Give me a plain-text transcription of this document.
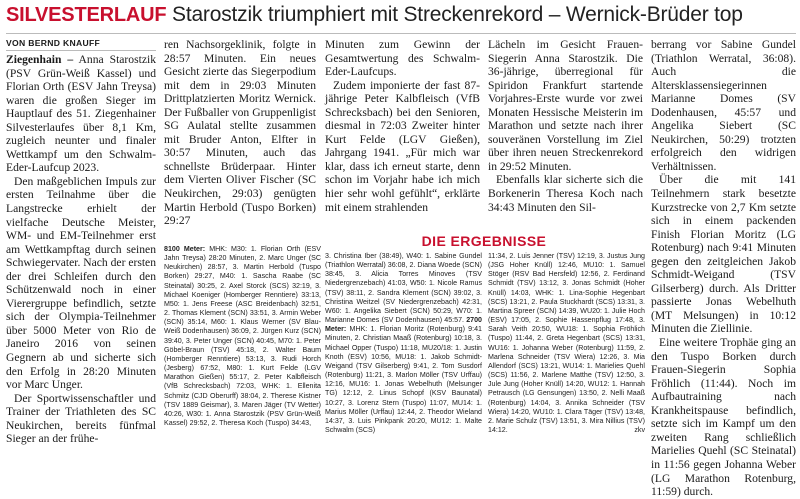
SILVESTERLAUF Starostzik triumphiert mit Streckenrekord – Wernick-Brüder top
VON BERND KNAUFF

Ziegenhain – Anna Starostzik (PSV Grün-Weiß Kassel) und Florian Orth (ESV Jahn Treysa) waren die großen Sieger im Hauptlauf des 51. Ziegenhainer Silvesterlaufes über 8,1 Km, zugleich neunter und finaler Wettkampf um den Schwalm-Eder-Laufcup 2023.

Den maßgeblichen Impuls zur ersten Teilnahme über die Langstrecke erhielt der vielfache Deutsche Meister, WM- und EM-Teilnehmer erst am Wettkampftag durch seinen Schwiegervater. Nach der ersten der drei Schleifen durch den Schützenwald noch in einer Vierergruppe befindlich, setzte sich der Olympia-Teilnehmer über 5000 Meter von Rio de Janeiro 2016 von seinen Gegnern ab und sicherte sich den Erfolg in 28:20 Minuten vor Marc Unger.

Der Sportwissenschaftler und Trainer der Triathleten des SC Neukirchen, bereits fünfmal Sieger an der frühe-

ren Nachsorgeklinik, folgte in 28:57 Minuten. Ein neues Gesicht zierte das Siegerpodium mit dem in 29:03 Minuten Drittplatzierten Moritz Wernick. Der Fußballer von Gruppenligist SG Aulatal stellte zusammen mit Bruder Anton, Elfter in 30:57 Minuten, auch das schnellste Brüderpaar. Hinter dem Vierten Oliver Fischer (SC Neukirchen, 29:03) genügten Martin Herbold (Tuspo Borken) 29:27

Minuten zum Gewinn der Gesamtwertung des Schwalm-Eder-Laufcups.

Zudem imponierte der fast 87-jährige Peter Kalbfleisch (VfB Schrecksbach) bei den Senioren, diesmal in 72:03 Zweiter hinter Kurt Felde (LGV Gießen), Jahrgang 1941. „Für mich war klar, dass ich erneut starte, denn schon im Vorjahr habe ich mich hier sehr wohl gefühlt“, erklärte mit einem strahlenden

Lächeln im Gesicht Frauen-Siegerin Anna Starostzik. Die 36-jährige, überregional für Spiridon Frankfurt startende Vorjahres-Erste wurde vor zwei Monaten Hessische Meisterin im Marathon und setzte nach ihrer souveränen Vorstellung im Ziel über ihren neuen Streckenrekord in 29:52 Minuten.

Ebenfalls klar sicherte sich die Borkenerin Theresa Koch nach 34:43 Minuten den Sil-

berrang vor Sabine Gundel (Triathlon Werratal, 36:08). Auch die Altersklassensiegerinnen Marianne Domes (SV Dodenhausen, 45:57 und Angelika Siebert (SC Neukirchen, 50:29) trotzten erfolgreich den widrigen Verhältnissen.

Über die mit 141 Teilnehmern stark besetzte Kurzstrecke von 2,7 Km setzte sich in einem packenden Finish Florian Moritz (LG Rotenburg) nach 9:41 Minuten gegen den zeitgleichen Jakob Schmidt-Weigand (TSV Gilserberg) durch. Als Dritter passierte Jonas Webelhuth (MT Melsungen) in 10:12 Minuten die Ziellinie.

Eine weitere Trophäe ging an den Tuspo Borken durch Frauen-Siegerin Sophia Fröhlich (11:44). Noch im Aufbautraining nach Krankheitspause befindlich, setzte sich im Kampf um den zweiten Rang schließlich Marielies Quehl (SC Steinatal) in 11:56 gegen Johanna Weber (LG Marathon Rotenburg, 11:59) durch.

DIE ERGEBNISSE
8100 Meter: MHK: M30: 1. Florian Orth (ESV Jahn Treysa) 28:20 Minuten, 2. Marc Unger (SC Neukirchen) 28:57, 3. Martin Herbold (Tuspo Borken) 29:27, M40: 1. Sascha Raabe (SC Steinatal) 30:25, 2. Axel Storck (SCS) 32:19, 3. Michael Koeniger (Homberger Renntiere) 33:13, M50: 1. Jens Freese (ASC Breidenbach) 32:51, 2. Thomas Klement (SCN) 33:51, 3. Armin Weber (SCN) 35:14, M60: 1. Klaus Werner (SV Blau-Weiß Dodenhausen) 36:09, 2. Jürgen Kurz (SCN) 39:40, 3. Peter Unger (SCN) 40:45, M70: 1. Peter Göbel-Braun (TSV) 45:18, 2. Walter Baum (Homberger Renntiere) 53:13, 3. Rudi Horch (Jesberg) 67:52, M80: 1. Kurt Felde (LGV Marathon Gießen) 55:17, 2. Peter Kalbfleisch (VfB Schrecksbach) 72:03, WHK: 1. Ellenita Schmitz (CJD Oberurff) 38:04, 2. Therese Kistner (TSV 1889 Geismar), 3. Maren Jäger (TV Wetter) 40:26, W30: 1. Anna Starostzik (PSV Grün-Weiß Kassel) 29:52, 2. Theresa Koch (Tuspo) 34:43,
3. Christina Iber (38:49), W40: 1. Sabine Gundel (Triathlon Werratal) 36:08, 2. Diana Woede (SCN) 38:45, 3. Alicia Torres Minoves (TSV Niedergrenzebach) 41:03, W50: 1. Nicole Ramus (TSV) 38:11, 2. Sandra Klement (SCN) 39:02, 3. Christina Weitzel (SV Niedergrenzebach) 42:31, W60: 1. Angelika Siebert (SCN) 50:29, W70: 1. Marianne Domes (SV Dodenhausen) 45:57. 2700 Meter: MHK: 1. Florian Moritz (Rotenburg) 9:41 Minuten, 2. Christian Maaß (Rotenburg) 10:18, 3. Michael Opper (Tuspo) 11:18, MU20/18: 1. Justin Knoth (ESV) 10:56, MU18: 1. Jakob Schmidt-Weigand (TSV Gilserberg) 9:41, 2. Tom Susdorf (Rotenburg) 11:21, 3. Marlon Möller (TSV Urffau) 12:16, MU16: 1. Jonas Webelhuth (Melsunger TG) 12:12, 2. Linus Schopf (KSV Baunatal) 10:27, 3. Lorenz Stern (Tuspo) 11:07, MU14: 1. Marius Möller (Urffau) 12:44, 2. Theodor Wieland 14:37, 3. Luis Pinkpank 20:20, MU12: 1. Malte Schwalm (SCS)
11:34, 2. Luis Jenner (TSV) 12:19, 3. Justus Jung (JSG Hoher Knüll) 12:46, MU10: 1. Samuel Stöger (RSV Bad Hersfeld) 12:56, 2. Ferdinand Schmidt (TSV) 13:12, 3. Jonas Schmidt (Hoher Knüll) 14:03, WHK: 1. Lina-Sophie Hegenbart (SCS) 13:21, 2. Paula Stuckhardt (SCS) 13:31, 3. Martina Spreer (SCN) 14:39, WU20: 1. Julie Hoch (ESV) 17:05, 2. Sophie Hassenpflug 17:48, 3. Sarah Veith 20:50, WU18: 1. Sophia Fröhlich (Tuspo) 11:44, 2. Greta Hegenbart (SCS) 13:31, WU16: 1. Johanna Weber (Rotenburg) 11:59, 2. Marlena Schneider (TSV Wiera) 12:26, 3. Mia Allendorf (SCS) 13:21, WU14: 1. Marielies Quehl (SCS) 11:56, 2. Marlene Matthe (TSV) 12:50, 3. Jule Jung (Hoher Knüll) 14:20, WU12: 1. Hannah Petrausch (LG Gensungen) 13:50, 2. Nelli Maaß (Rotenburg) 14:04, 3. Annika Schneider (TSV Wiera) 14:20, WU10: 1. Clara Täger (TSV) 13:48, 2. Marie Schulz (TSV) 13:51, 3. Mira Nillius (TSV) 14:12.	zkv
